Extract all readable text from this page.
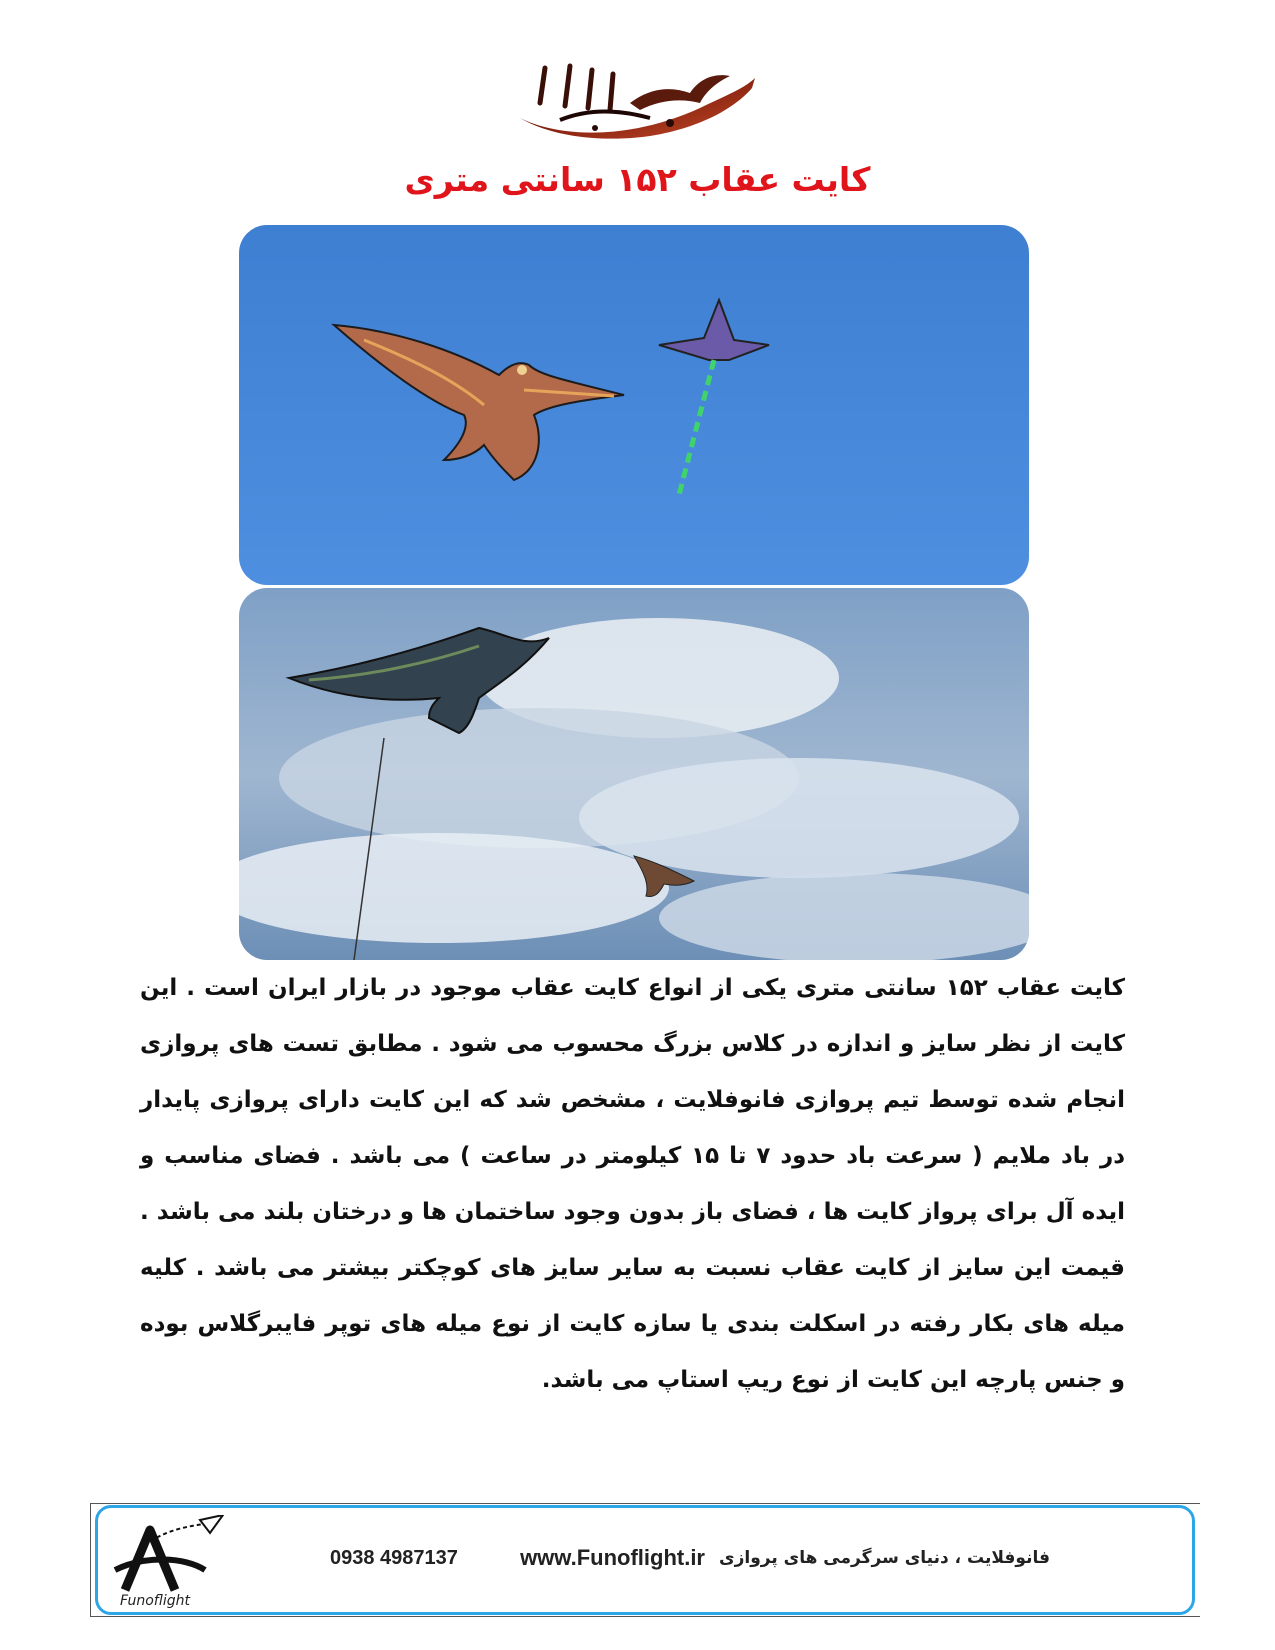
کایت عقاب ۱۵۲ سانتی متری
کایت عقاب ۱۵۲ سانتی متری یکی از انواع کایت عقاب موجود در بازار ایران است . این کایت از نظر سایز و اندازه در کلاس بزرگ محسوب می شود . مطابق تست های پروازی انجام شده توسط تیم پروازی فانوفلایت ، مشخص شد که این کایت دارای پروازی پایدار در باد ملایم ( سرعت باد حدود ۷ تا ۱۵ کیلومتر در ساعت ) می باشد . فضای مناسب و ایده آل برای پرواز کایت ها ، فضای باز بدون وجود ساختمان ها و درختان بلند می باشد . قیمت این سایز از کایت عقاب نسبت به سایر سایز های کوچکتر بیشتر می باشد . کلیه میله های بکار رفته در اسکلت بندی یا سازه کایت از نوع میله های توپر فایبرگلاس بوده و جنس پارچه این کایت از نوع ریپ استاپ می باشد.
Funoflight
0938 4987137	www.Funoflight.ir فانوفلایت ، دنیای سرگرمی های پروازی
